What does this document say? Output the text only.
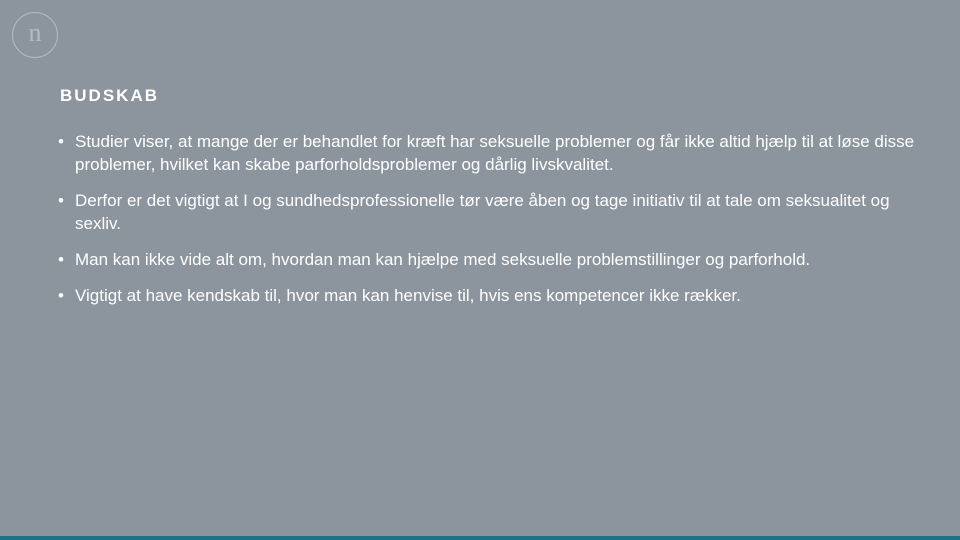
n
BUDSKAB
• Studier viser, at mange der er behandlet for kræft har seksuelle problemer og får ikke altid hjælp til at løse disse problemer, hvilket kan skabe parforholdsproblemer og dårlig livskvalitet.
• Derfor er det vigtigt at I og sundhedsprofessionelle tør være åben og tage initiativ til at tale om seksualitet og sexliv.
• Man kan ikke vide alt om, hvordan man kan hjælpe med seksuelle problemstillinger og parforhold.
• Vigtigt at have kendskab til, hvor man kan henvise til, hvis ens kompetencer ikke rækker.
